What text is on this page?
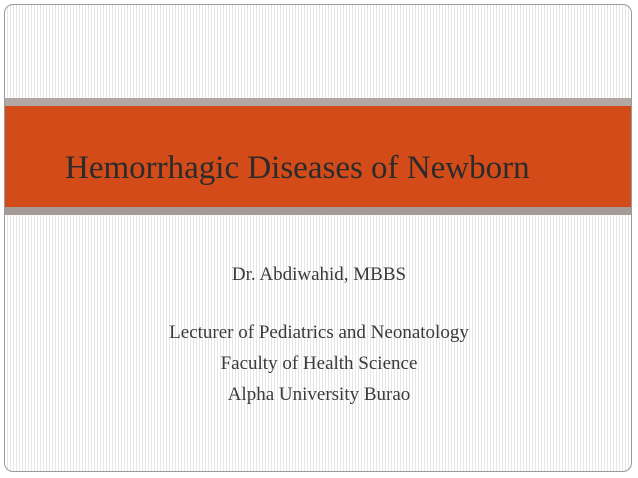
Hemorrhagic Diseases of Newborn
Dr. Abdiwahid, MBBS
Lecturer of Pediatrics and Neonatology
Faculty of Health Science
Alpha University Burao
